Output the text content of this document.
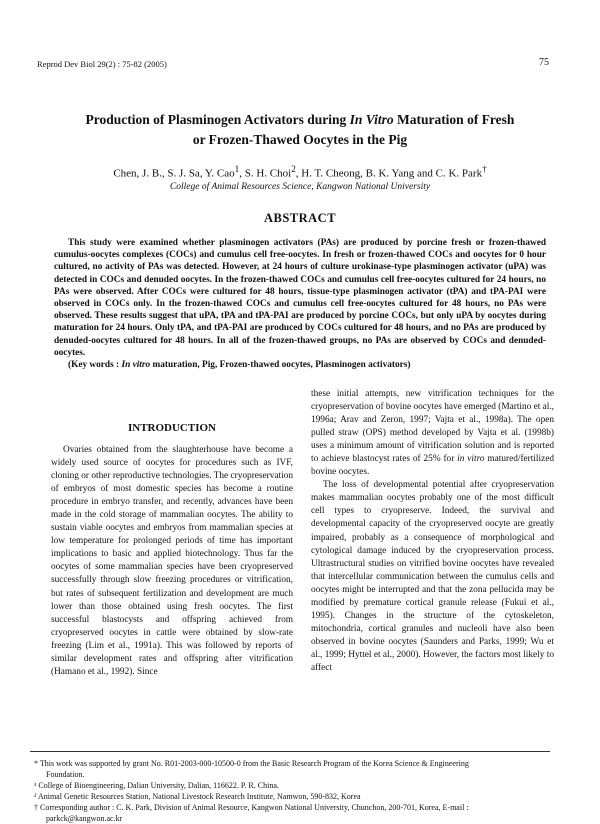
Reprod Dev Biol 29(2) : 75-82 (2005)	75
Production of Plasminogen Activators during In Vitro Maturation of Fresh
or Frozen-Thawed Oocytes in the Pig
Chen, J. B., S. J. Sa, Y. Cao$^1$, S. H. Choi$^2$, H. T. Cheong, B. K. Yang and C. K. Park†
College of Animal Resources Science, Kangwon National University
ABSTRACT

This study were examined whether plasminogen activators (PAs) are produced by porcine fresh or frozen-thawed cumulus-oocytes complexes (COCs) and cumulus cell free-oocytes. In fresh or frozen-thawed COCs and oocytes for 0 hour cultured, no activity of PAs was detected. However, at 24 hours of culture urokinase-type plasminogen activator (uPA) was detected in COCs and denuded oocytes. In the frozen-thawed COCs and cumulus cell free-oocytes cultured for 24 hours, no PAs were observed. After COCs were cultured for 48 hours, tissue-type plasminogen activator (tPA) and tPA-PAI were observed in COCs only. In the frozen-thawed COCs and cumulus cell free-oocytes cultured for 48 hours, no PAs were observed. These results suggest that uPA, tPA and tPA-PAI are produced by porcine COCs, but only uPA by oocytes during maturation for 24 hours. Only tPA, and tPA-PAI are produced by COCs cultured for 48 hours, and no PAs are produced by denuded-oocytes cultured for 48 hours. In all of the frozen-thawed groups, no PAs are observed by COCs and denuded-oocytes.

(Key words : In vitro maturation, Pig, Frozen-thawed oocytes, Plasminogen activators)

INTRODUCTION

Ovaries obtained from the slaughterhouse have become a widely used source of oocytes for procedures such as IVF, cloning or other reproductive technologies. The cryopreservation of embryos of most domestic species has become a routine procedure in embryo transfer, and recently, advances have been made in the cold storage of mammalian oocytes. The ability to sustain viable oocytes and embryos from mammalian species at low temperature for prolonged periods of time has important implications to basic and applied biotechnology. Thus far the oocytes of some mammalian species have been cryopreserved successfully through slow freezing procedures or vitrification, but rates of subsequent fertilization and development are much lower than those obtained using fresh oocytes. The first successful blastocysts and offspring achieved from cryopreserved oocytes in cattle were obtained by slow-rate freezing (Lim et al., 1991a). This was followed by reports of similar development rates and offspring after vitrification (Hamano et al., 1992). Since

these initial attempts, new vitrification techniques for the cryopreservation of bovine oocytes have emerged (Martino et al., 1996a; Arav and Zeron, 1997; Vajta et al., 1998a). The open pulled straw (OPS) method developed by Vajta et al. (1998b) uses a minimum amount of vitrification solution and is reported to achieve blastocyst rates of 25% for in vitro matured/fertilized bovine oocytes.

The loss of developmental potential after cryopreservation makes mammalian oocytes probably one of the most difficult cell types to cryopreserve. Indeed, the survival and developmental capacity of the cryopreserved oocyte are greatly impaired, probably as a consequence of morphological and cytological damage induced by the cryopreservation process. Ultrastructural studies on vitrified bovine oocytes have revealed that intercellular communication between the cumulus cells and oocytes might be interrupted and that the zona pellucida may be modified by premature cortical granule release (Fukui et al., 1995). Changes in the structure of the cytoskeleton, mitochondria, cortical granules and nucleoli have also been observed in bovine oocytes (Saunders and Parks, 1999; Wu et al., 1999; Hyttel et al., 2000). However, the factors most likely to affect

* This work was supported by grant No. R01-2003-000-10500-0 from the Basic Research Program of the Korea Science & Engineering
Foundation.
¹ College of Bioengineering, Dalian University, Dalian, 116622. P. R. China.
² Animal Genetic Resources Station, National Livestock Research Institute, Namwon, 590-832, Korea
† Corresponding author : C. K. Park, Division of Animal Resource, Kangwon National University, Chunchon, 200-701, Korea, E-mail :
parkck@kangwon.ac.kr
